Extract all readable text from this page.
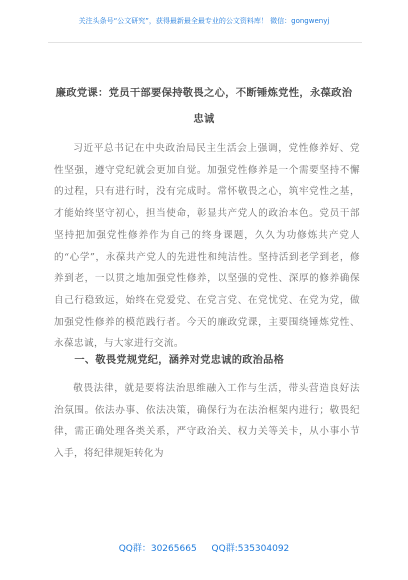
关注头条号“公文研究”，获得最新最全最专业的公文资料库！ 微信：gongwenyj
廉政党课：党员干部要保持敬畏之心，不断锤炼党性，永葆政治忠诚

习近平总书记在中央政治局民主生活会上强调，党性修养好、党性坚强，遵守党纪就会更加自觉。加强党性修养是一个需要坚持不懈的过程，只有进行时，没有完成时。常怀敬畏之心，筑牢党性之基，才能始终坚守初心，担当使命，彰显共产党人的政治本色。党员干部坚持把加强党性修养作为自己的终身课题，久久为功修炼共产党人的“心学”，永葆共产党人的先进性和纯洁性。坚持活到老学到老，修养到老，一以贯之地加强党性修养，以坚强的党性、深厚的修养确保自己行稳致远，始终在党爱党、在党言党、在党忧党、在党为党，做加强党性修养的模范践行者。今天的廉政党课，主要围绕锤炼党性、永葆忠诚，与大家进行交流。

一、敬畏党规党纪，涵养对党忠诚的政治品格

敬畏法律，就是要将法治思维融入工作与生活，带头营造良好法治氛围。依法办事、依法决策，确保行为在法治框架内进行；敬畏纪律，需正确处理各类关系，严守政治关、权力关等关卡，从小事小节入手，将纪律规矩转化为

QQ群：30265665 QQ群:535304092
